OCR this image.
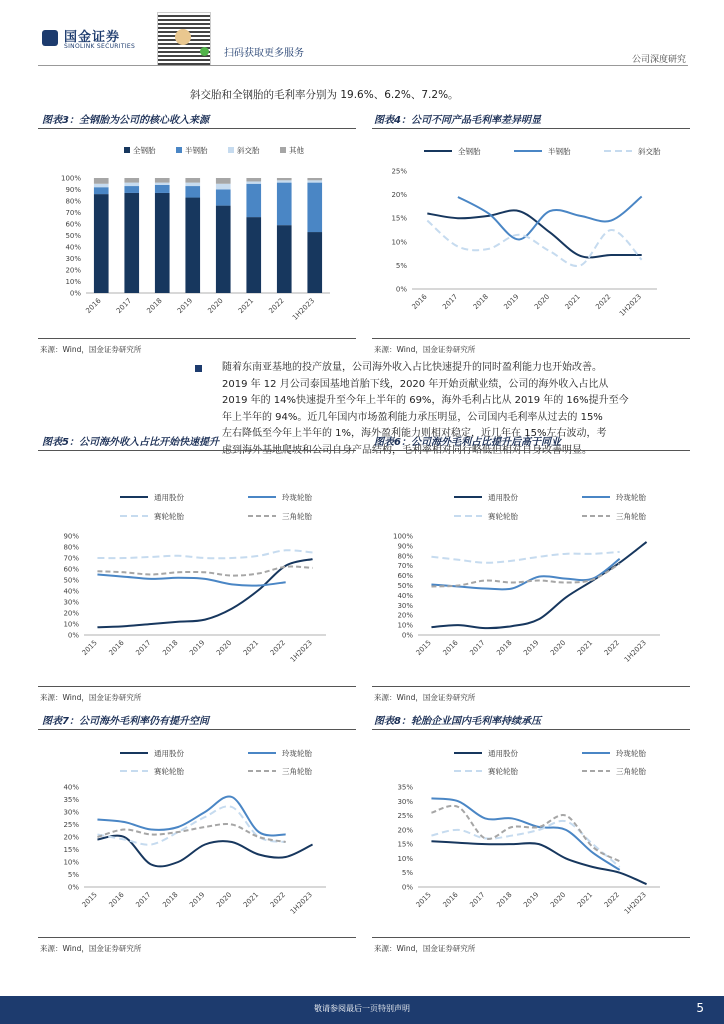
国金证券
SINOLINK SECURITIES
扫码获取更多服务
公司深度研究
斜交胎和全钢胎的毛利率分别为 19.6%、6.2%、7.2%。
图表3：全钢胎为公司的核心收入来源	图表4：公司不同产品毛利率差异明显
全钢胎	半钢胎	斜交胎	其他
0%
10%
20%
30%
40%
50%
60%
70%
80%
90%
100%
2016 2017 2018 2019 2020 2021 2022 1H2023
全钢胎	半钢胎	斜交胎
0%
5%
10%
15%
20%
25%
2016 2017 2018 2019 2020 2021 2022 1H2023
来源：Wind，国金证券研究所	来源：Wind，国金证券研究所

随着东南亚基地的投产放量，公司海外收入占比快速提升的同时盈利能力也开始改善。

2019 年 12 月公司泰国基地首胎下线，2020 年开始贡献业绩，公司的海外收入占比从

2019 年的 14%快速提升至今年上半年的 69%，海外毛利占比从 2019 年的 16%提升至今

年上半年的 94%。近几年国内市场盈利能力承压明显，公司国内毛利率从过去的 15%

左右降低至今年上半年的 1%，海外盈利能力则相对稳定，近几年在 15%左右波动，考

图表5：公司海外收入占比开始快速提升	图表6：公司海外毛利占比提升后高于同业
通用股份	玲珑轮胎
赛轮轮胎	三角轮胎
0%
10%
20%
30%
40%
50%
60%
70%
80%
90%
2015 2016 2017 2018 2019 2020 2021 2022 1H2023
通用股份	玲珑轮胎
赛轮轮胎	三角轮胎
0%
10%
20%
30%
40%
50%
60%
70%
80%
90%
100%
2015 2016 2017 2018 2019 2020 2021 2022 1H2023
来源：Wind，国金证券研究所	来源：Wind，国金证券研究所
图表7：公司海外毛利率仍有提升空间	图表8：轮胎企业国内毛利率持续承压
通用股份	玲珑轮胎
赛轮轮胎	三角轮胎
0%
5%
10%
15%
20%
25%
30%
35%
40%
2015 2016 2017 2018 2019 2020 2021 2022 1H2023
通用股份	玲珑轮胎
赛轮轮胎	三角轮胎
0%
5%
10%
15%
20%
25%
30%
35%
2015 2016 2017 2018 2019 2020 2021 2022 1H2023
来源：Wind，国金证券研究所	来源：Wind，国金证券研究所
敬请参阅最后一页特别声明	5
